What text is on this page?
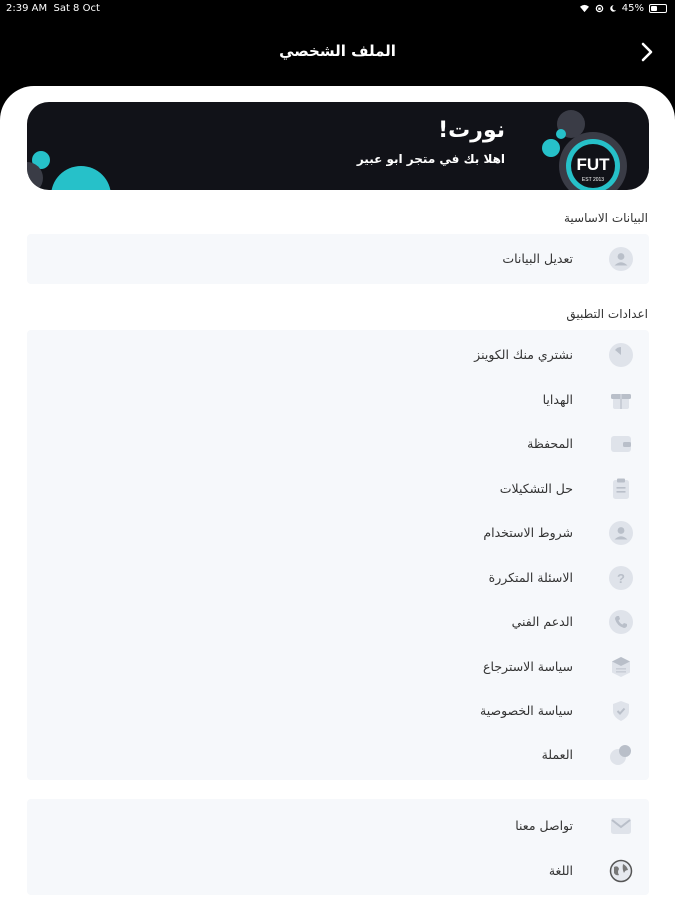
2:39 AM Sat 8 Oct	45%
الملف الشخصي
نورت!
اهلا بك في متجر ابو عبير	FUT
EST 2013
البيانات الاساسية
تعديل البيانات
اعدادات التطبيق
نشتري منك الكوينز
الهدايا
المحفظة
حل التشكيلات
شروط الاستخدام
?
الاسئلة المتكررة
الدعم الفني
سياسة الاسترجاع
سياسة الخصوصية
العملة
تواصل معنا
اللغة
